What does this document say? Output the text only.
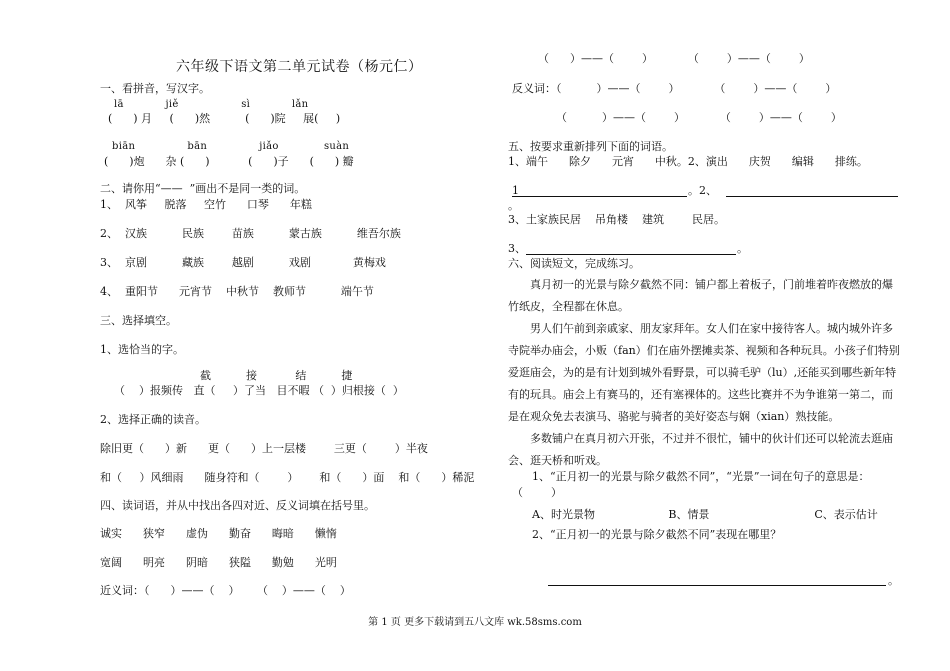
六年级下语文第二单元试卷（杨元仁）
一、看拼音，写汉字。
lā            jiě                  sì            lǎn
(      ) 月     (      )然          (      )院     展(     )
biān               bān               jiǎo             suàn
(      )炮      杂 (      )           (      )子      (      ) 瓣
二、请你用“——  ”画出不是同一类的词。
1、  风筝     脱落     空竹      口琴      年糕
2、  汉族          民族        苗族          蒙古族          维吾尔族
3、  京剧          藏族        越剧          戏剧            黄梅戏
4、  重阳节      元宵节    中秋节    教师节          端午节
三、选择填空。
1、选恰当的字。
截          接           结          捷
（    ）报频传   直（     ）了当   目不暇 （  ）归根接（  ）
2、选择正确的读音。
除旧更（      ）新      更（      ）上一层楼        三更（        ）半夜
和（     ）风细雨      随身符和（        ）      和（      ）面    和（      ）稀泥
四、读词语，并从中找出各四对近、反义词填在括号里。
诚实      狭窄      虚伪      勤奋      晦暗      懒惰
宽阔      明亮      阴暗      狭隘      勤勉      光明
近义词：（      ）——（    ）     （    ）——（    ）
（      ）——（        ）          （        ）——（        ）
反义词：（          ）——（        ）          （        ）——（        ）
（          ）——（        ）          （        ）——（        ）
五、按要求重新排列下面的词语。
1、端午      除夕      元宵      中秋。2、演出      庆贺      编辑      排练。
1	。2、
。
3、土家族民居    吊角楼    建筑        民居。
3、	。
六、阅读短文，完成练习。
真月初一的光景与除夕截然不同：铺户都上着板子，门前堆着昨夜燃放的爆竹纸皮，全程都在休息。
男人们午前到亲戚家、朋友家拜年。女人们在家中接待客人。城内城外许多寺院举办庙会，小贩（fan）们在庙外摆摊卖茶、视频和各种玩具。小孩子们特别爱逛庙会，为的是有计划到城外看野景，可以骑毛驴（lu）,还能买到哪些新年特有的玩具。庙会上有赛马的，还有塞裸体的。这些比赛并不为争谁第一第二，而是在观众免去表演马、骆驼与骑者的美好姿态与娴（xian）熟技能。
多数铺户在真月初六开张，不过并不很忙，铺中的伙计们还可以轮流去逛庙会、逛天桥和听戏。
1、“正月初一的光景与除夕截然不同”，“光景”一词在句子的意思是：
（        ）
A、时光景物                     B、情景                              C、表示估计
2、“正月初一的光景与除夕截然不同”表现在哪里？
。
第 1 页 更多下载请到五八文库 wk.58sms.com
